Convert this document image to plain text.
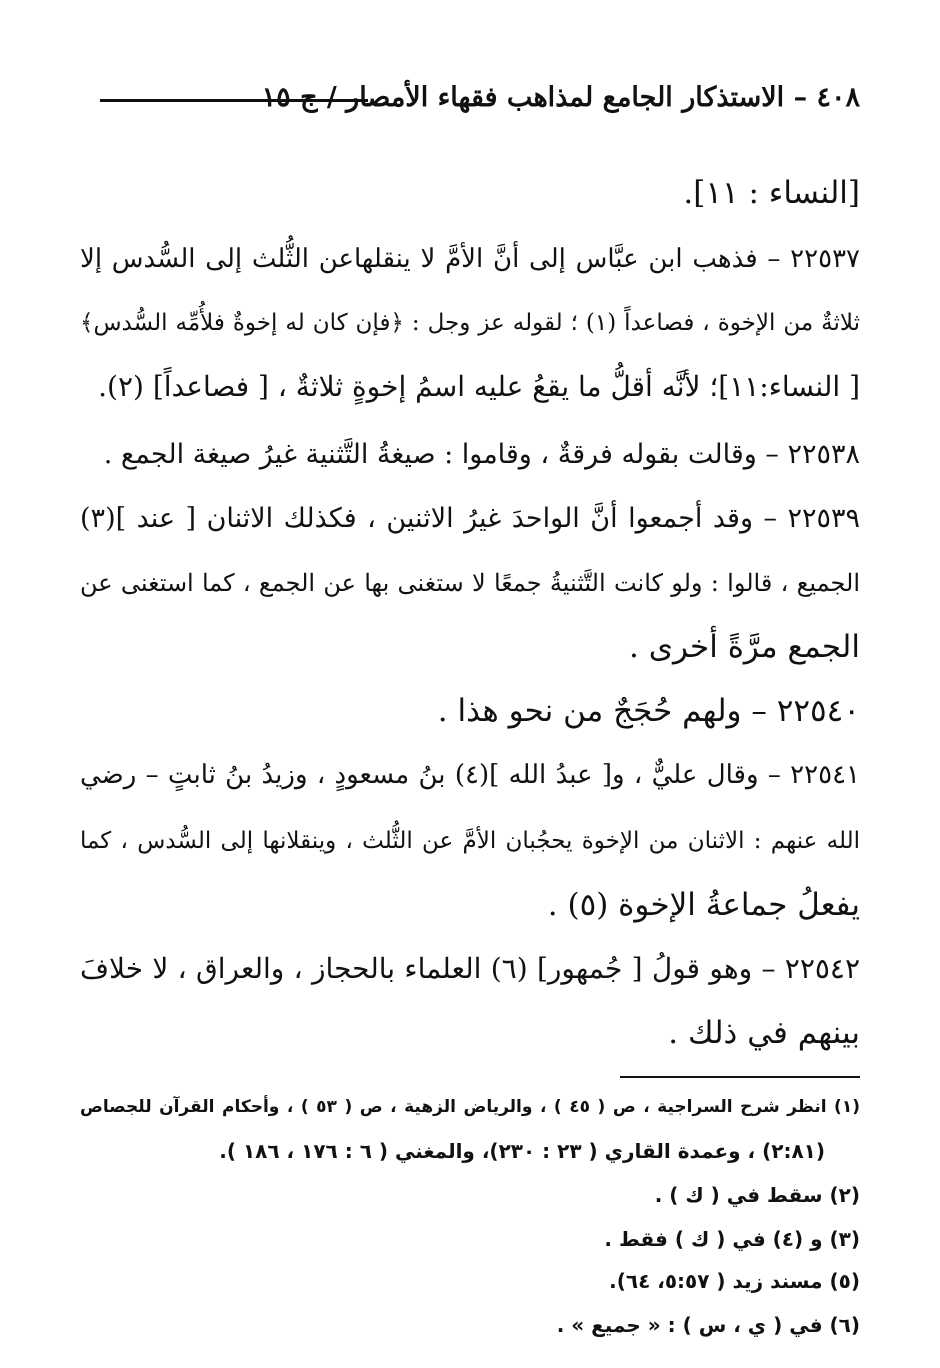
٤٠٨ – الاستذكار الجامع لمذاهب فقهاء الأمصار / ج ١٥
[النساء : ١١].
٢٢٥٣٧ – فذهب ابن عبَّاس إلى أنَّ الأمَّ لا ينقلهاعن الثُّلث إلى السُّدس إلا
ثلاثةٌ من الإخوة ، فصاعداً (١) ؛ لقوله عز وجل : ﴿فإن كان له إخوةٌ فلأُمِّه السُّدس﴾
[ النساء:١١]؛ لأنَّه أقلُّ ما يقعُ عليه اسمُ إخوةٍ ثلاثةٌ ، [ فصاعداً] (٢).
٢٢٥٣٨ – وقالت بقوله فرقةٌ ، وقاموا : صيغةُ التَّثنية غيرُ صيغة الجمع .
٢٢٥٣٩ – وقد أجمعوا أنَّ الواحدَ غيرُ الاثنين ، فكذلك الاثنان [ عند ](٣)
الجميع ، قالوا : ولو كانت التَّثنيةُ جمعًا لا ستغنى بها عن الجمع ، كما استغنى عن
الجمع مرَّةً أخرى .
٢٢٥٤٠ – ولهم حُجَجٌ من نحو هذا .
٢٢٥٤١ – وقال عليٌّ ، و[ عبدُ الله ](٤) بنُ مسعودٍ ، وزيدُ بنُ ثابتٍ – رضي
الله عنهم : الاثنان من الإخوة يحجُبان الأمَّ عن الثُّلث ، وينقلانها إلى السُّدس ، كما
يفعلُ جماعةُ الإخوة (٥) .
٢٢٥٤٢ – وهو قولُ [ جُمهور] (٦) العلماء بالحجاز ، والعراق ، لا خلافَ
بينهم في ذلك .
(١) انظر شرح السراجية ، ص ( ٤٥ ) ، والرياض الزهية ، ص ( ٥٣ ) ، وأحكام القرآن للجصاص
(٢:٨١) ، وعمدة القاري ( ٢٣ : ٢٣٠)، والمغني ( ٦ : ١٧٦ ، ١٨٦ ).
(٢) سقط في ( ك ) .
(٣) و (٤) في ( ك ) فقط .
(٥) مسند زيد ( ٥:٥٧، ٦٤).
(٦) في ( ي ، س ) : « جميع » .
